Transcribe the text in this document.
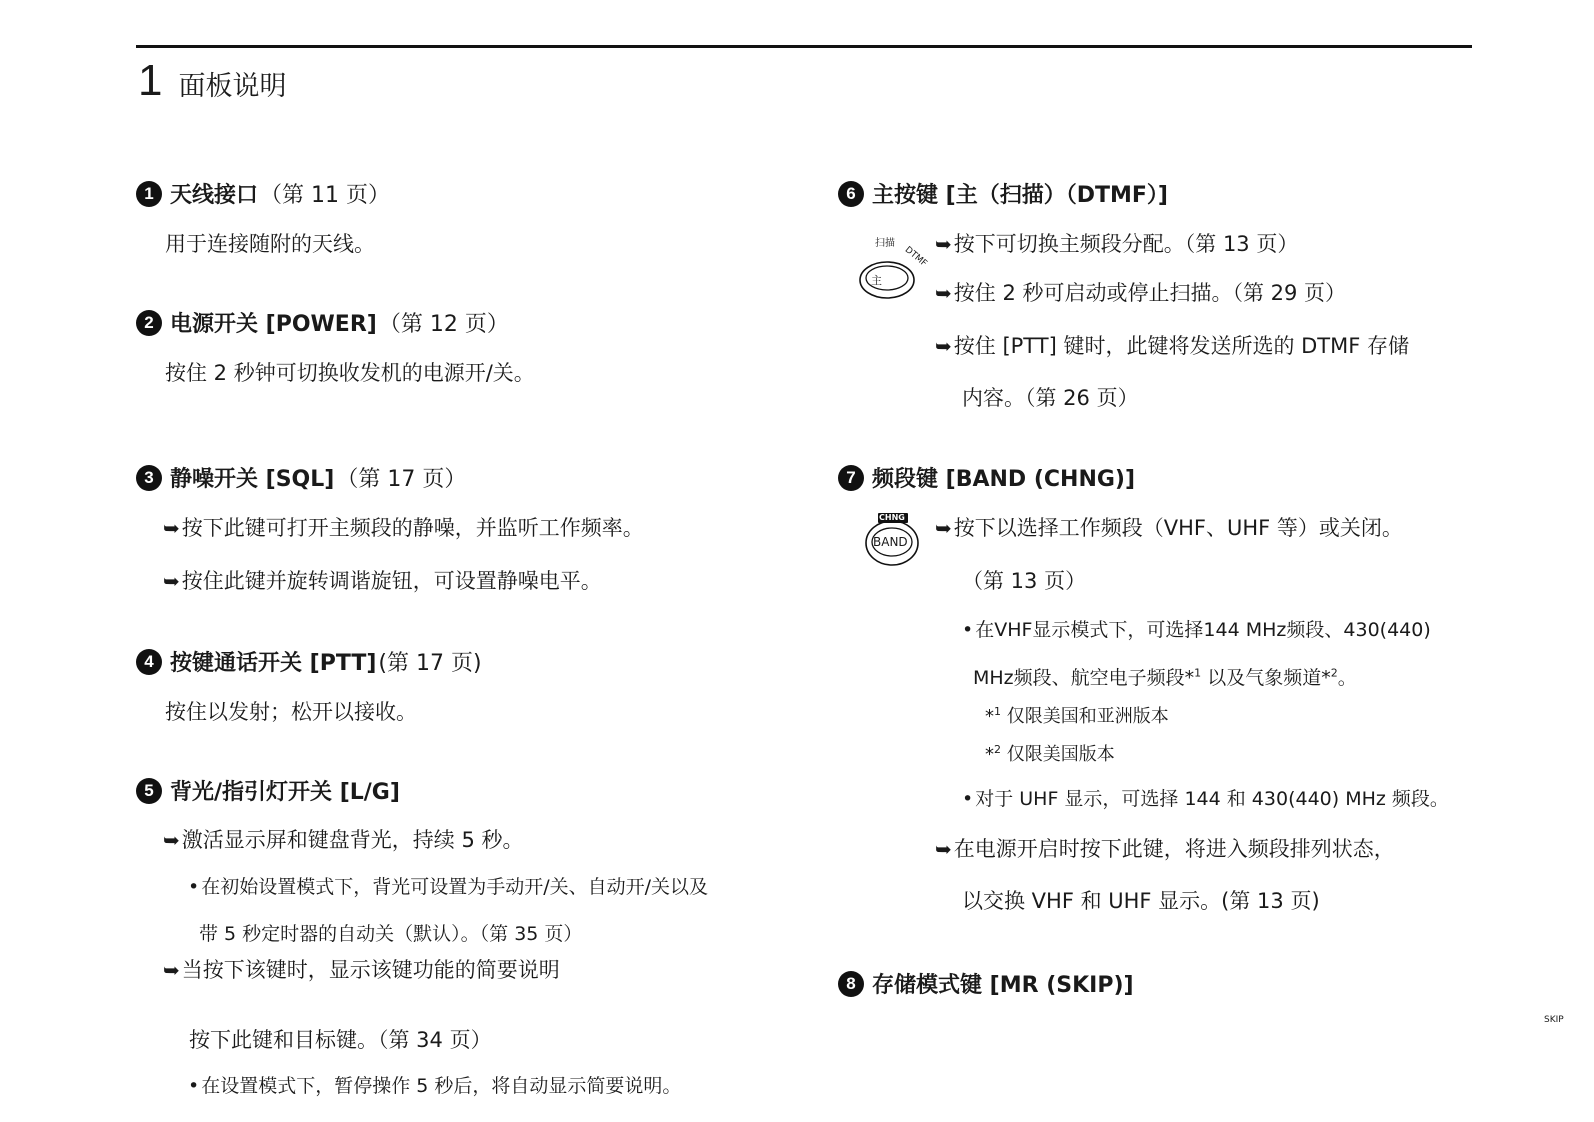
1 面板说明
1 天线接口 （第 11 页）
用于连接随附的天线。
2 电源开关 [POWER] （第 12 页）
按住 2 秒钟可切换收发机的电源开/关。
3 静噪开关 [SQL] （第 17 页）
➥按下此键可打开主频段的静噪，并监听工作频率。
➥按住此键并旋转调谐旋钮，可设置静噪电平。
4 按键通话开关 [PTT] (第 17 页)
按住以发射；松开以接收。
5 背光/指引灯开关 [L/G]
➥激活显示屏和键盘背光，持续 5 秒。
• 在初始设置模式下，背光可设置为手动开/关、自动开/关以及
带 5 秒定时器的自动关（默认）。（第 35 页）
➥当按下该键时，显示该键功能的简要说明
按下此键和目标键。（第 34 页）
• 在设置模式下，暂停操作 5 秒后，将自动显示简要说明。
6 主按键 [主（扫描）（DTMF）]
扫描
DTMF
主
➥按下可切换主频段分配。（第 13 页）
➥按住 2 秒可启动或停止扫描。（第 29 页）
➥按住 [PTT] 键时，此键将发送所选的 DTMF 存储
内容。（第 26 页）
7 频段键 [BAND (CHNG)]
CHNG
BAND
➥按下以选择工作频段（VHF、UHF 等）或关闭。
（第 13 页）
• 在VHF显示模式下，可选择144 MHz频段、430(440)
MHz频段、航空电子频段*$^1$ 以及气象频道*$^2$。
*$^1$ 仅限美国和亚洲版本
*$^2$ 仅限美国版本
• 对于 UHF 显示，可选择 144 和 430(440) MHz 频段。
➥在电源开启时按下此键，将进入频段排列状态，
以交换 VHF 和 UHF 显示。(第 13 页)
8 存储模式键 [MR (SKIP)]
SKIP
